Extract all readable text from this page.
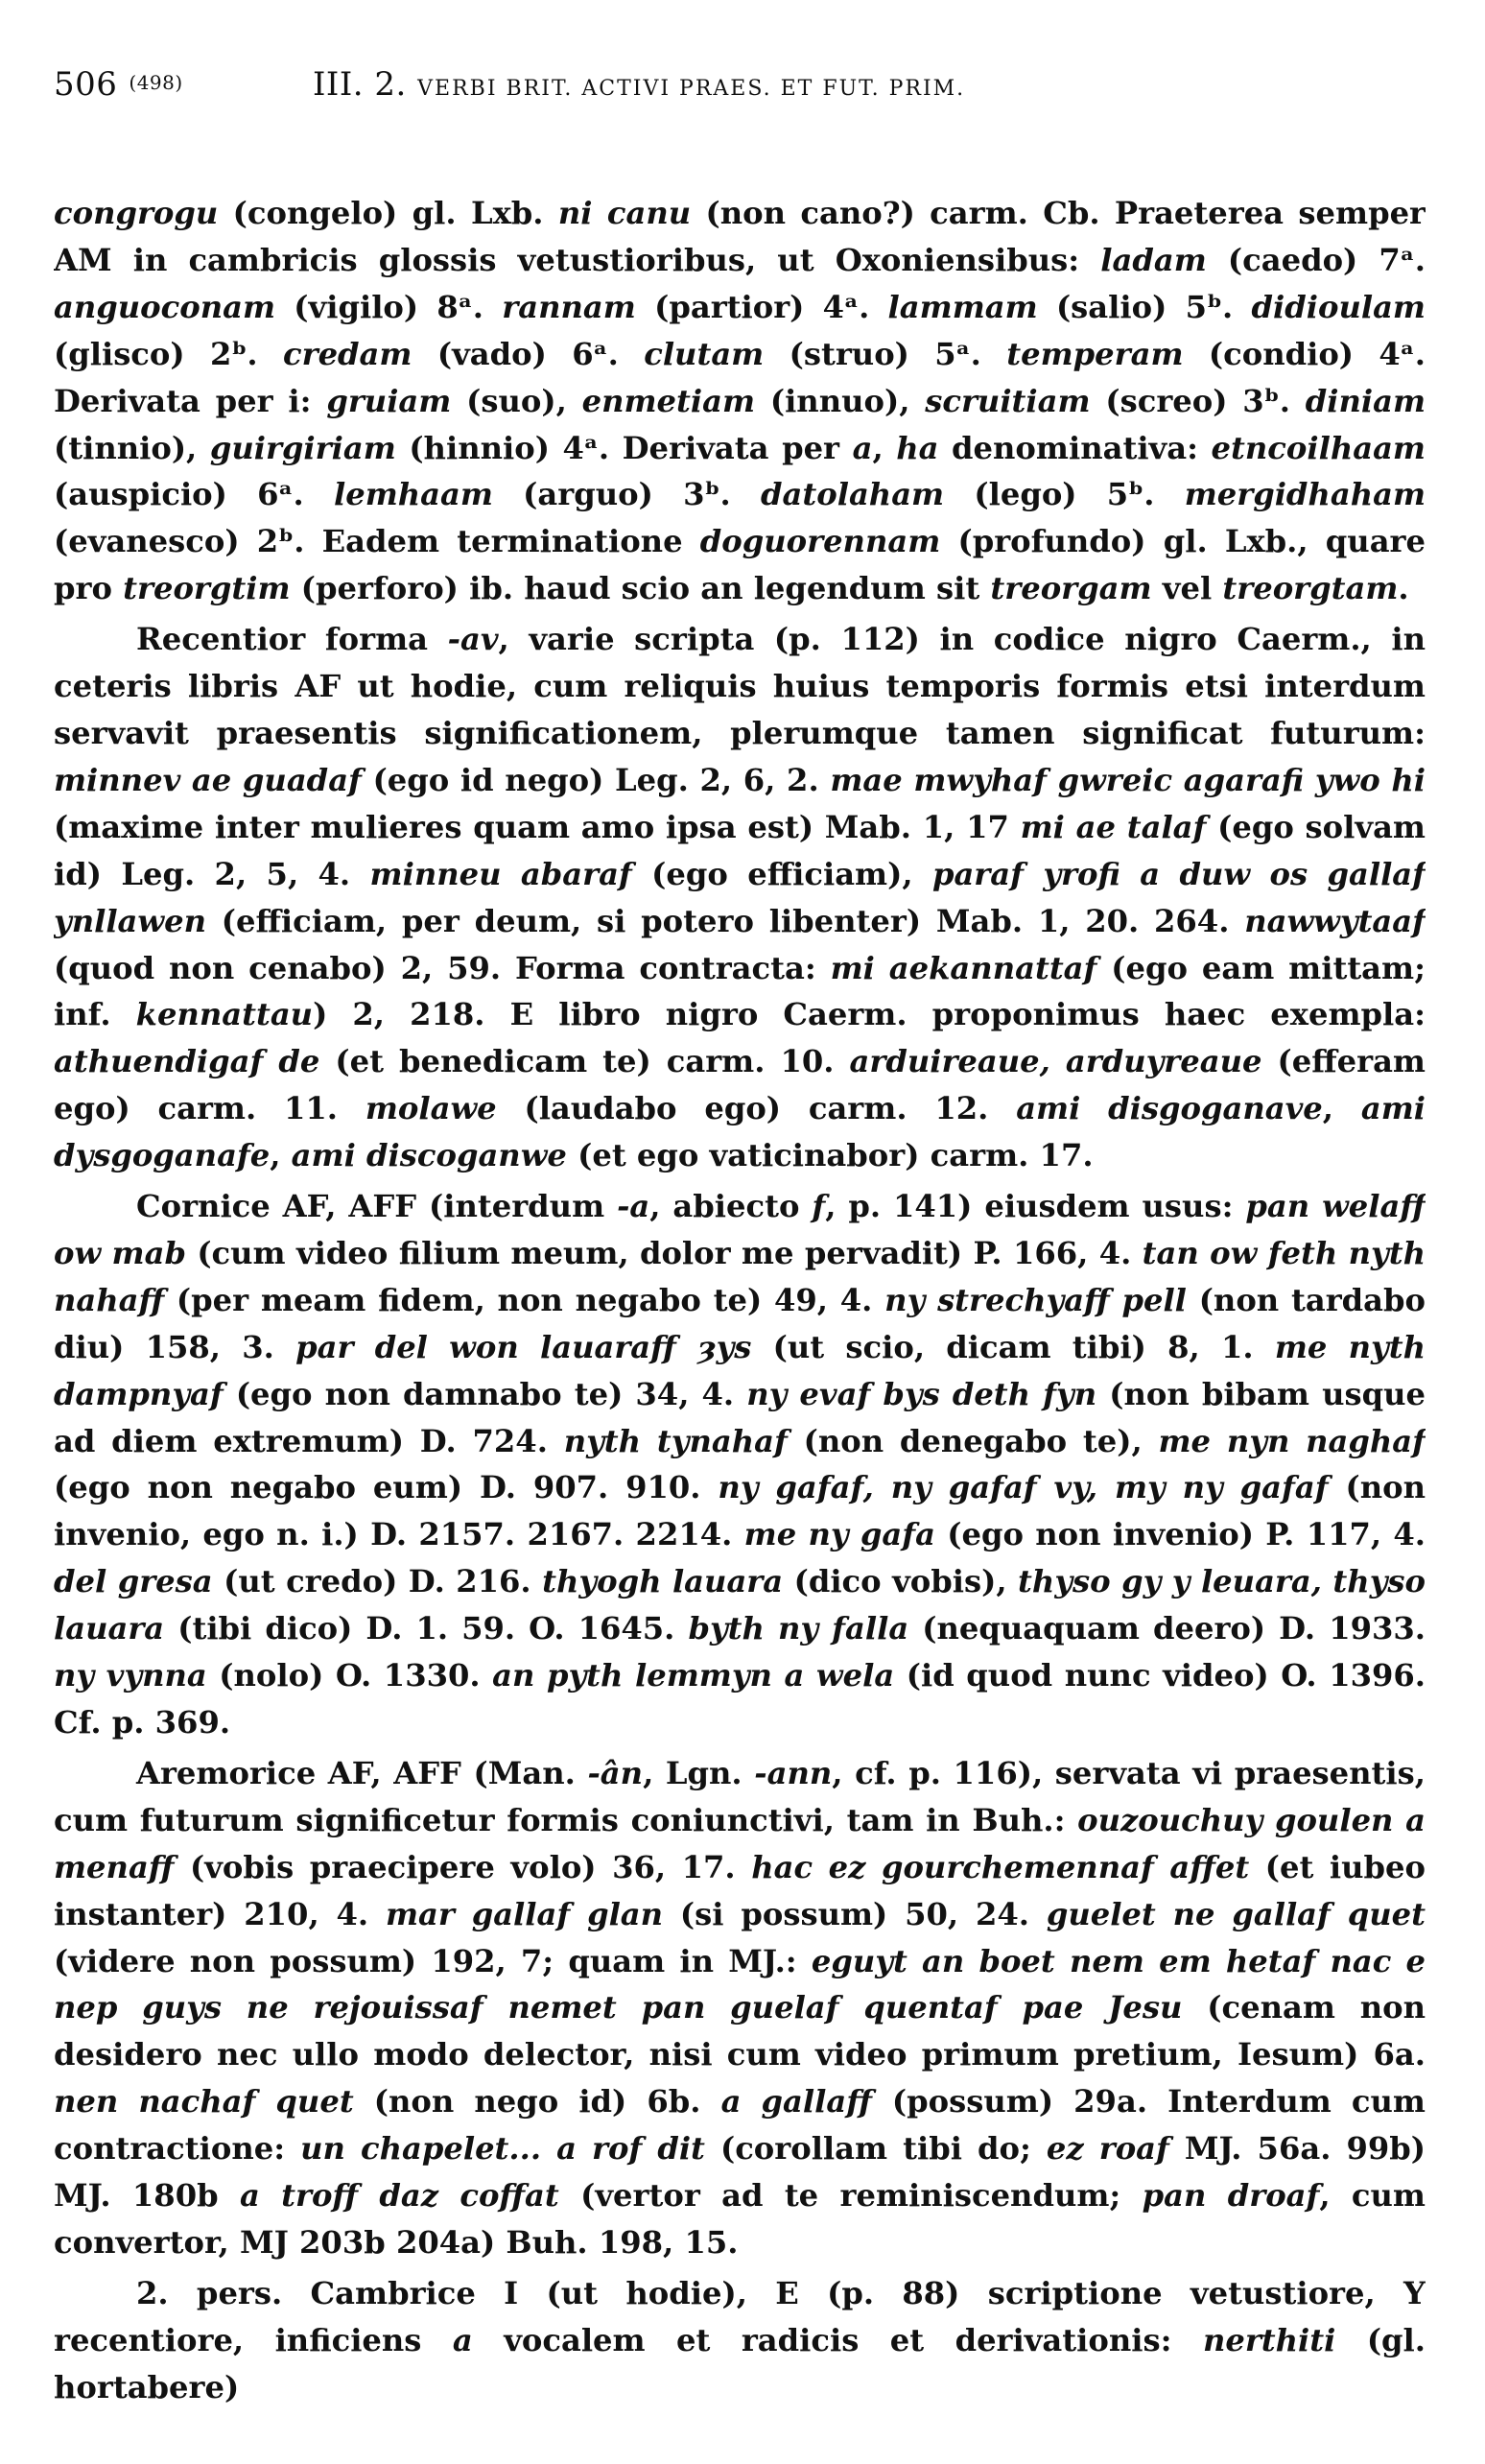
506 (498)	III. 2. VERBI BRIT. ACTIVI PRAES. ET FUT. PRIM.

congrogu (congelo) gl. Lxb. ni canu (non cano?) carm. Cb. Praeterea semper AM in cambricis glossis vetustioribus, ut Oxoniensibus: ladam (caedo) 7ᵃ. anguoconam (vigilo) 8ᵃ. rannam (partior) 4ᵃ. lammam (salio) 5ᵇ. didioulam (glisco) 2ᵇ. credam (vado) 6ᵃ. clutam (struo) 5ᵃ. temperam (condio) 4ᵃ. Derivata per i: gruiam (suo), enmetiam (innuo), scruitiam (screo) 3ᵇ. diniam (tinnio), guirgiriam (hinnio) 4ᵃ. Derivata per a, ha denominativa: etncoilhaam (auspicio) 6ᵃ. lemhaam (arguo) 3ᵇ. datolaham (lego) 5ᵇ. mergidhaham (evanesco) 2ᵇ. Eadem terminatione doguorennam (profundo) gl. Lxb., quare pro treorgtim (perforo) ib. haud scio an legendum sit treorgam vel treorgtam.

Recentior forma -av, varie scripta (p. 112) in codice nigro Caerm., in ceteris libris AF ut hodie, cum reliquis huius temporis formis etsi interdum servavit praesentis significationem, plerumque tamen significat futurum: minnev ae guadaf (ego id nego) Leg. 2, 6, 2. mae mwyhaf gwreic agarafi ywo hi (maxime inter mulieres quam amo ipsa est) Mab. 1, 17 mi ae talaf (ego solvam id) Leg. 2, 5, 4. minneu abaraf (ego efficiam), paraf yrofi a duw os gallaf ynllawen (efficiam, per deum, si potero libenter) Mab. 1, 20. 264. nawwytaaf (quod non cenabo) 2, 59. Forma contracta: mi aekannattaf (ego eam mittam; inf. kennattau) 2, 218. E libro nigro Caerm. proponimus haec exempla: athuendigaf de (et benedicam te) carm. 10. arduireaue, arduyreaue (efferam ego) carm. 11. molawe (laudabo ego) carm. 12. ami disgoganave, ami dysgoganafe, ami discoganwe (et ego vaticinabor) carm. 17.

Cornice AF, AFF (interdum -a, abiecto f, p. 141) eiusdem usus: pan welaff ow mab (cum video filium meum, dolor me pervadit) P. 166, 4. tan ow feth nyth nahaff (per meam fidem, non negabo te) 49, 4. ny strechyaff pell (non tardabo diu) 158, 3. par del won lauaraff ȝys (ut scio, dicam tibi) 8, 1. me nyth dampnyaf (ego non damnabo te) 34, 4. ny evaf bys deth fyn (non bibam usque ad diem extremum) D. 724. nyth tynahaf (non denegabo te), me nyn naghaf (ego non negabo eum) D. 907. 910. ny gafaf, ny gafaf vy, my ny gafaf (non invenio, ego n. i.) D. 2157. 2167. 2214. me ny gafa (ego non invenio) P. 117, 4. del gresa (ut credo) D. 216. thyogh lauara (dico vobis), thyso gy y leuara, thyso lauara (tibi dico) D. 1. 59. O. 1645. byth ny falla (nequaquam deero) D. 1933. ny vynna (nolo) O. 1330. an pyth lemmyn a wela (id quod nunc video) O. 1396. Cf. p. 369.

Aremorice AF, AFF (Man. -ân, Lgn. -ann, cf. p. 116), servata vi praesentis, cum futurum significetur formis coniunctivi, tam in Buh.: ouzouchuy goulen a menaff (vobis praecipere volo) 36, 17. hac ez gourchemennaf affet (et iubeo instanter) 210, 4. mar gallaf glan (si possum) 50, 24. guelet ne gallaf quet (videre non possum) 192, 7; quam in MJ.: eguyt an boet nem em hetaf nac e nep guys ne rejouissaf nemet pan guelaf quentaf pae Jesu (cenam non desidero nec ullo modo delector, nisi cum video primum pretium, Iesum) 6a. nen nachaf quet (non nego id) 6b. a gallaff (possum) 29a. Interdum cum contractione: un chapelet... a rof dit (corollam tibi do; ez roaf MJ. 56a. 99b) MJ. 180b a troff daz coffat (vertor ad te reminiscendum; pan droaf, cum convertor, MJ 203b 204a) Buh. 198, 15.

2. pers. Cambrice I (ut hodie), E (p. 88) scriptione vetustiore, Y recentiore, inficiens a vocalem et radicis et derivationis: nerthiti (gl. hortabere)
